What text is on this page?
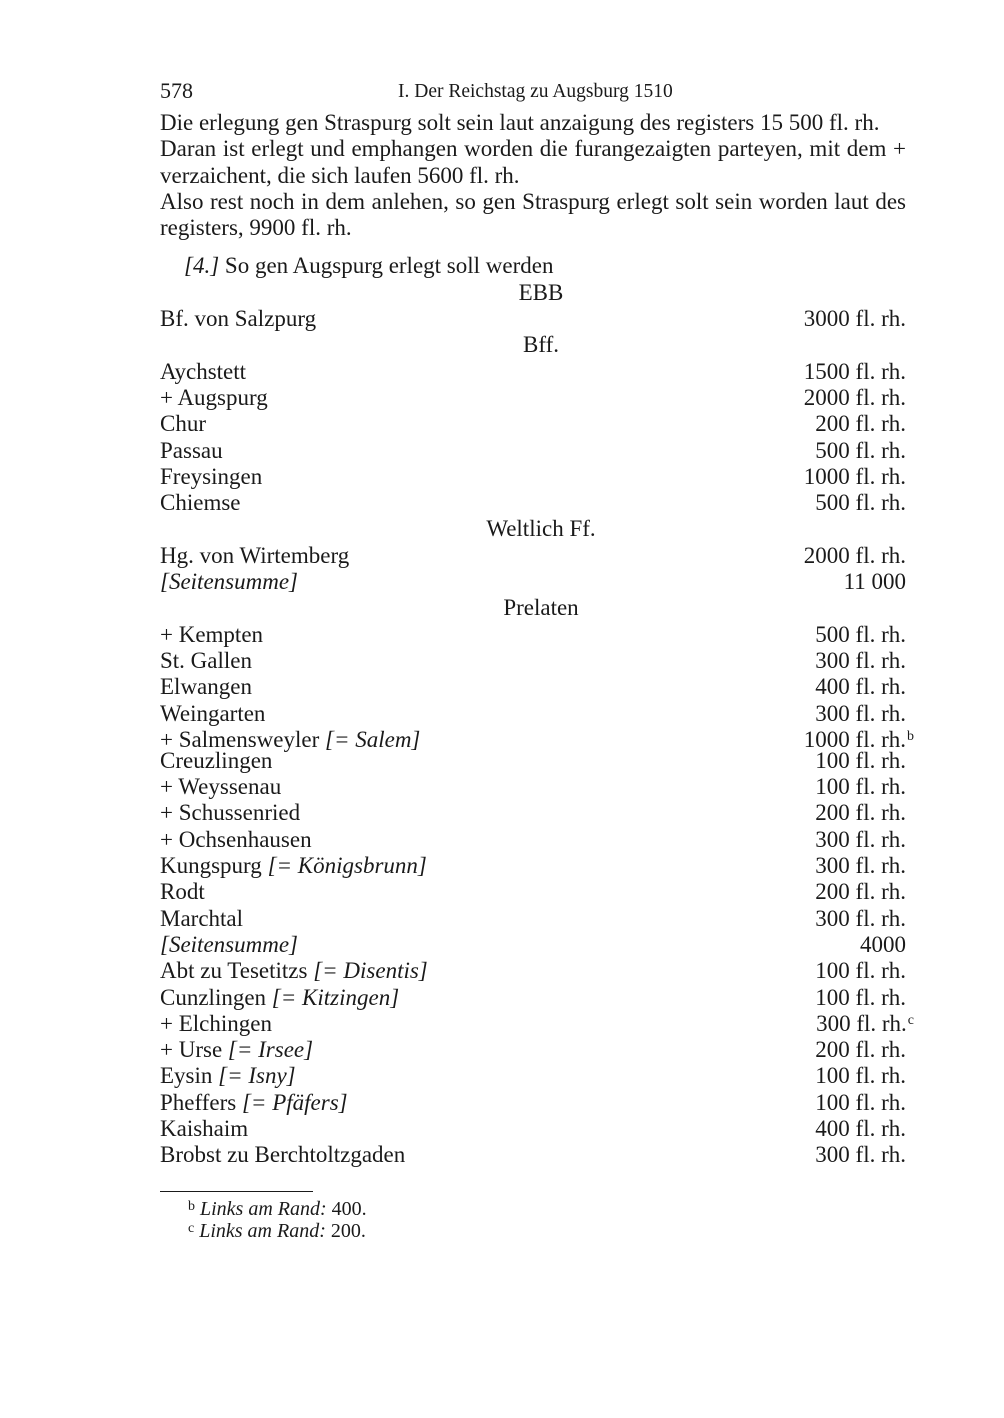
578	I. Der Reichstag zu Augsburg 1510

Die erlegung gen Straspurg solt sein laut anzaigung des registers 15 500 fl. rh.

Daran ist erlegt und emphangen worden die furangezaigten parteyen, mit dem + verzaichent, die sich laufen 5600 fl. rh.

Also rest noch in dem anlehen, so gen Straspurg erlegt solt sein worden laut des registers, 9900 fl. rh.

[4.] So gen Augspurg erlegt soll werden
EBB
Bf. von Salzpurg	3000 fl. rh.
Bff.
Aychstett	1500 fl. rh.
+ Augspurg	2000 fl. rh.
Chur	200 fl. rh.
Passau	500 fl. rh.
Freysingen	1000 fl. rh.
Chiemse	500 fl. rh.
Weltlich Ff.
Hg. von Wirtemberg	2000 fl. rh.
[Seitensumme]	11 000
Prelaten
+ Kempten	500 fl. rh.
St. Gallen	300 fl. rh.
Elwangen	400 fl. rh.
Weingarten	300 fl. rh.
+ Salmensweyler [= Salem]	1000 fl. rh.$^b$
Creuzlingen	100 fl. rh.
+ Weyssenau	100 fl. rh.
+ Schussenried	200 fl. rh.
+ Ochsenhausen	300 fl. rh.
Kungspurg [= Königsbrunn]	300 fl. rh.
Rodt	200 fl. rh.
Marchtal	300 fl. rh.
[Seitensumme]	4000
Abt zu Tesetitzs [= Disentis]	100 fl. rh.
Cunzlingen [= Kitzingen]	100 fl. rh.
+ Elchingen	300 fl. rh.$^c$
+ Urse [= Irsee]	200 fl. rh.
Eysin [= Isny]	100 fl. rh.
Pheffers [= Pfäfers]	100 fl. rh.
Kaishaim	400 fl. rh.
Brobst zu Berchtoltzgaden	300 fl. rh.
$^b$ Links am Rand: 400.
$^c$ Links am Rand: 200.
